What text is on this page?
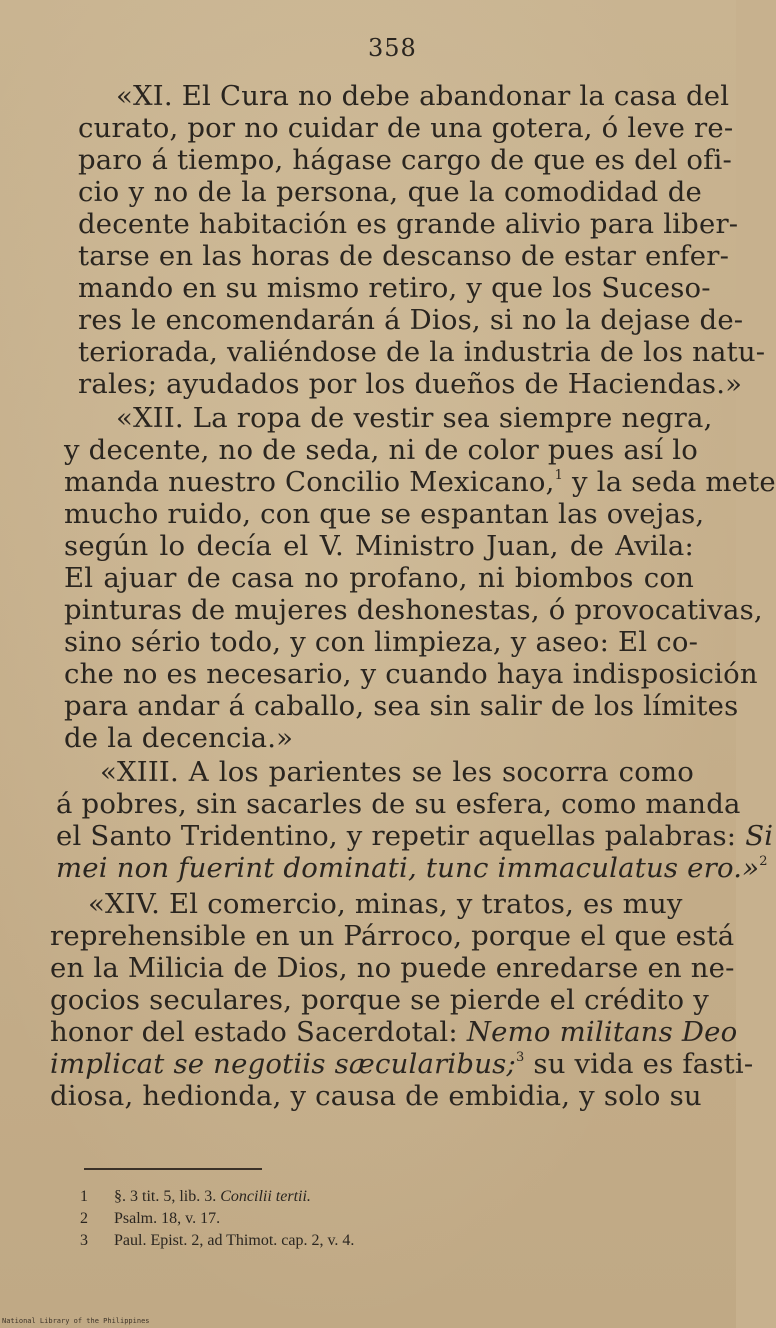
358
«XI. El Cura no debe abandonar la casa del
curato, por no cuidar de una gotera, ó leve re-
paro á tiempo, hágase cargo de que es del ofi-
cio y no de la persona, que la comodidad de
decente habitación es grande alivio para liber-
tarse en las horas de descanso de estar enfer-
mando en su mismo retiro, y que los Suceso-
res le encomendarán á Dios, si no la dejase de-
teriorada, valiéndose de la industria de los natu-
rales; ayudados por los dueños de Haciendas.»
«XII. La ropa de vestir sea siempre negra,
y decente, no de seda, ni de color pues así lo
manda nuestro Concilio Mexicano,$^1$ y la seda mete
mucho ruido, con que se espantan las ovejas,
según lo decía el V. Ministro Juan, de Avila:
El ajuar de casa no profano, ni biombos con
pinturas de mujeres deshonestas, ó provocativas,
sino sério todo, y con limpieza, y aseo: El co-
che no es necesario, y cuando haya indisposición
para andar á caballo, sea sin salir de los límites
de la decencia.»
«XIII. A los parientes se les socorra como
á pobres, sin sacarles de su esfera, como manda
el Santo Tridentino, y repetir aquellas palabras: Si
mei non fuerint dominati, tunc immaculatus ero.»$^2$
«XIV. El comercio, minas, y tratos, es muy
reprehensible en un Párroco, porque el que está
en la Milicia de Dios, no puede enredarse en ne-
gocios seculares, porque se pierde el crédito y
honor del estado Sacerdotal: Nemo militans Deo
implicat se negotiis sæcularibus;$^3$ su vida es fasti-
diosa, hedionda, y causa de embidia, y solo su
1 §. 3 tit. 5, lib. 3. Concilii tertii.
2 Psalm. 18, v. 17.
3 Paul. Epist. 2, ad Thimot. cap. 2, v. 4.
National Library of the Philippines
